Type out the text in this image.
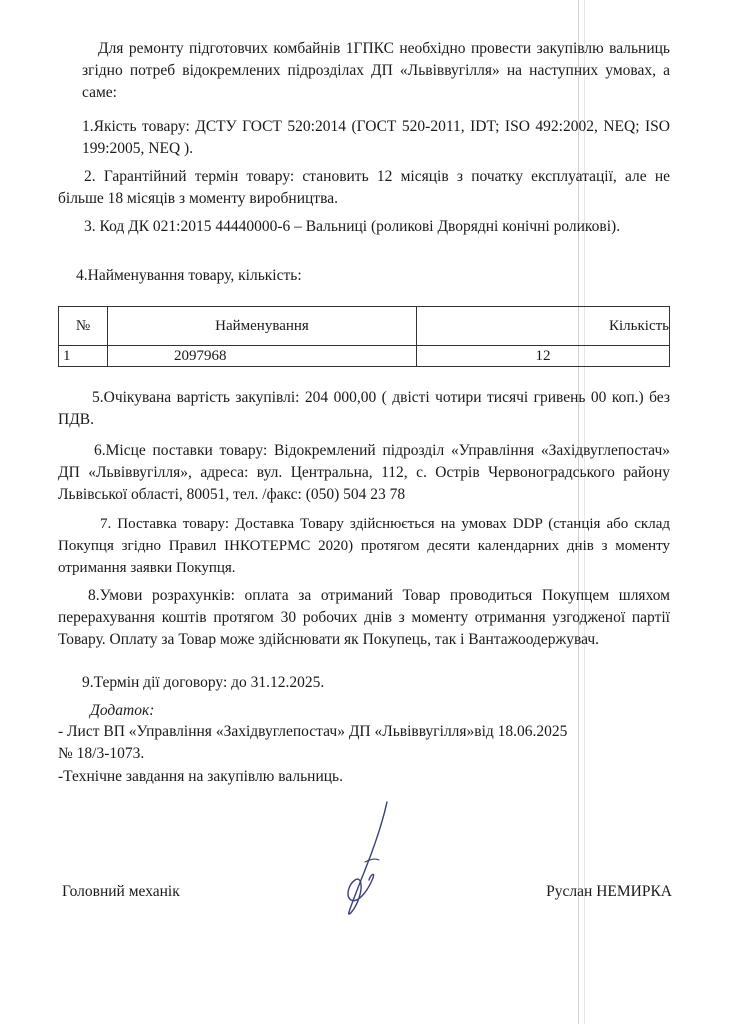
Для ремонту підготовчих комбайнів 1ГПКС необхідно провести закупівлю вальниць згідно потреб відокремлених підрозділах ДП «Львіввугілля» на наступних умовах, а саме:

1.Якість товару: ДСТУ ГОСТ 520:2014 (ГОСТ 520-2011, IDT; ISO 492:2002, NEQ; ISO 199:2005, NEQ ).

2. Гарантійний термін товару: становить 12 місяців з початку експлуатації, але не більше 18 місяців з моменту виробництва.

3. Код ДК 021:2015 44440000-6 – Вальниці (роликові Дворядні конічні роликові).

4.Найменування товару, кількість:

№	Найменування	Кількість
1	2097968	12

5.Очікувана вартість закупівлі: 204 000,00 ( двісті чотири тисячі гривень 00 коп.) без ПДВ.

6.Місце поставки товару: Відокремлений підрозділ «Управління «Західвуглепостач» ДП «Львіввугілля», адреса: вул. Центральна, 112, с. Острів Червоноградського району Львівської області, 80051, тел. /факс: (050) 504 23 78

7. Поставка товару: Доставка Товару здійснюється на умовах DDP (станція або склад Покупця згідно Правил ІНКОТЕРМС 2020) протягом десяти календарних днів з моменту отримання заявки Покупця.

8.Умови розрахунків: оплата за отриманий Товар проводиться Покупцем шляхом перерахування коштів протягом 30 робочих днів з моменту отримання узгодженої партії Товару. Оплату за Товар може здійснювати як Покупець, так і Вантажоодержувач.

9.Термін дії договору: до 31.12.2025.

Додаток:

- Лист ВП «Управління «Західвуглепостач» ДП «Львіввугілля»від 18.06.2025

№ 18/3-1073.

-Технічне завдання на закупівлю вальниць.

Головний механік	Руслан НЕМИРКА
